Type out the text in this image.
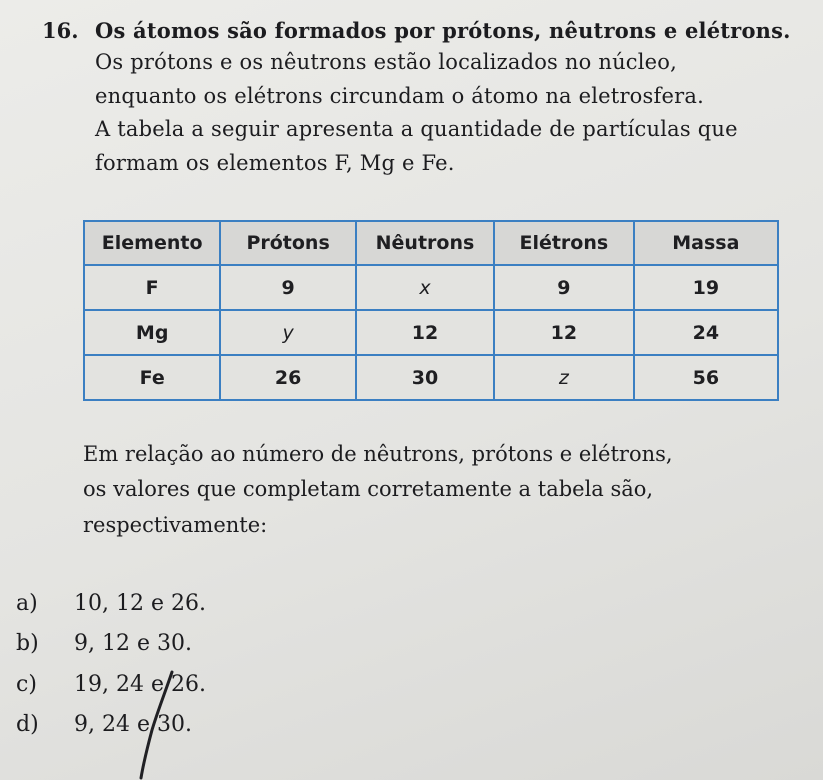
16. Os átomos são formados por prótons, nêutrons e elétrons.
Os prótons e os nêutrons estão localizados no núcleo,
enquanto os elétrons circundam o átomo na eletrosfera.
A tabela a seguir apresenta a quantidade de partículas que
formam os elementos F, Mg e Fe.
Elemento	Prótons	Nêutrons	Elétrons	Massa
F	9	x	9	19
Mg	y	12	12	24
Fe	26	30	z	56
Em relação ao número de nêutrons, prótons e elétrons,
os valores que completam corretamente a tabela são,
respectivamente:
a) 10, 12 e 26.
b) 9, 12 e 30.
c) 19, 24 e 26.
d) 9, 24 e 30.
